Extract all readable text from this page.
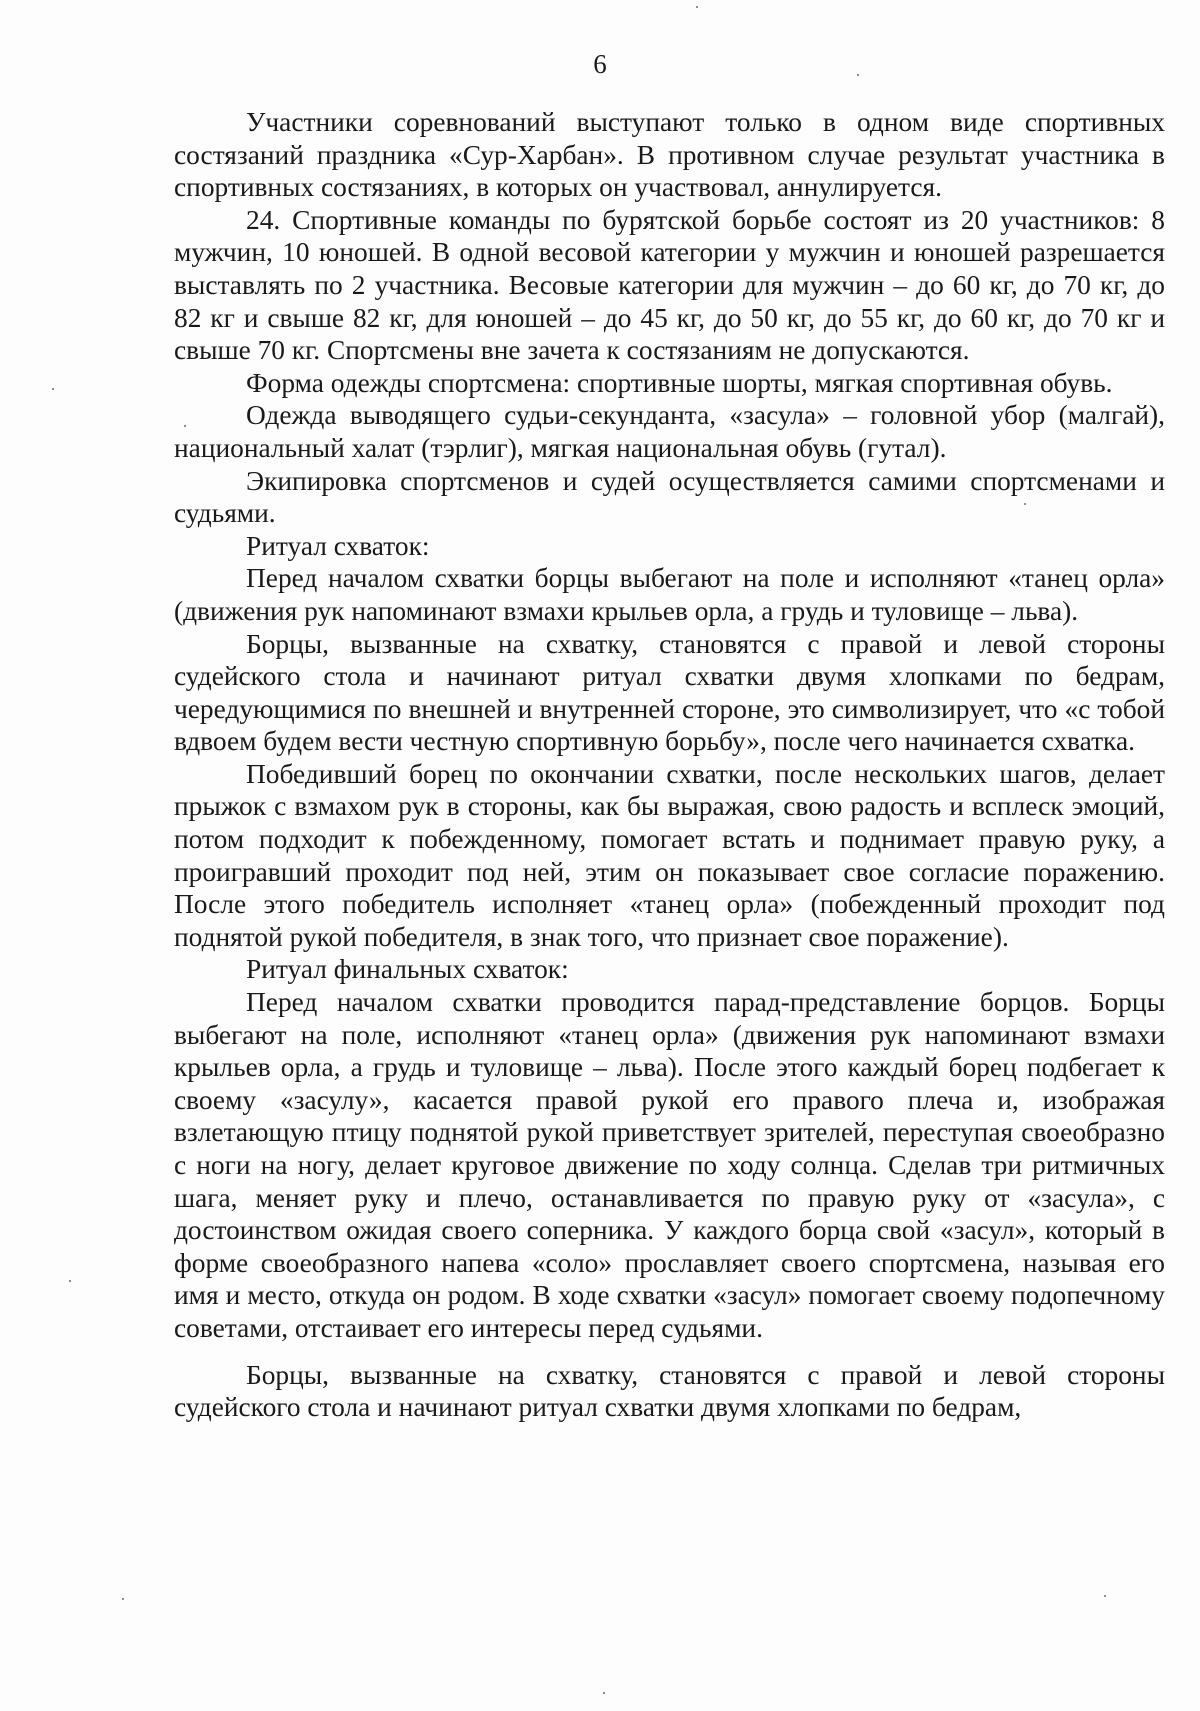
6

Участники соревнований выступают только в одном виде спортивных состязаний праздника «Сур-Харбан». В противном случае результат участника в спортивных состязаниях, в которых он участвовал, аннулируется.

24. Спортивные команды по бурятской борьбе состоят из 20 участников: 8 мужчин, 10 юношей. В одной весовой категории у мужчин и юношей разрешается выставлять по 2 участника. Весовые категории для мужчин – до 60 кг, до 70 кг, до 82 кг и свыше 82 кг, для юношей – до 45 кг, до 50 кг, до 55 кг, до 60 кг, до 70 кг и свыше 70 кг. Спортсмены вне зачета к состязаниям не допускаются.

Форма одежды спортсмена: спортивные шорты, мягкая спортивная обувь.

Одежда выводящего судьи-секунданта, «засула» – головной убор (малгай), национальный халат (тэрлиг), мягкая национальная обувь (гутал).

Экипировка спортсменов и судей осуществляется самими спортсменами и судьями.

Ритуал схваток:

Перед началом схватки борцы выбегают на поле и исполняют «танец орла» (движения рук напоминают взмахи крыльев орла, а грудь и туловище – льва).

Борцы, вызванные на схватку, становятся с правой и левой стороны судейского стола и начинают ритуал схватки двумя хлопками по бедрам, чередующимися по внешней и внутренней стороне, это символизирует, что «с тобой вдвоем будем вести честную спортивную борьбу», после чего начинается схватка.

Победивший борец по окончании схватки, после нескольких шагов, делает прыжок с взмахом рук в стороны, как бы выражая, свою радость и всплеск эмоций, потом подходит к побежденному, помогает встать и поднимает правую руку, а проигравший проходит под ней, этим он показывает свое согласие поражению. После этого победитель исполняет «танец орла» (побежденный проходит под поднятой рукой победителя, в знак того, что признает свое поражение).

Ритуал финальных схваток:

Перед началом схватки проводится парад-представление борцов. Борцы выбегают на поле, исполняют «танец орла» (движения рук напоминают взмахи крыльев орла, а грудь и туловище – льва). После этого каждый борец подбегает к своему «засулу», касается правой рукой его правого плеча и, изображая взлетающую птицу поднятой рукой приветствует зрителей, переступая своеобразно с ноги на ногу, делает круговое движение по ходу солнца. Сделав три ритмичных шага, меняет руку и плечо, останавливается по правую руку от «засула», с достоинством ожидая своего соперника. У каждого борца свой «засул», который в форме своеобразного напева «соло» прославляет своего спортсмена, называя его имя и место, откуда он родом. В ходе схватки «засул» помогает своему подопечному советами, отстаивает его интересы перед судьями.

Борцы, вызванные на схватку, становятся с правой и левой стороны судейского стола и начинают ритуал схватки двумя хлопками по бедрам,
